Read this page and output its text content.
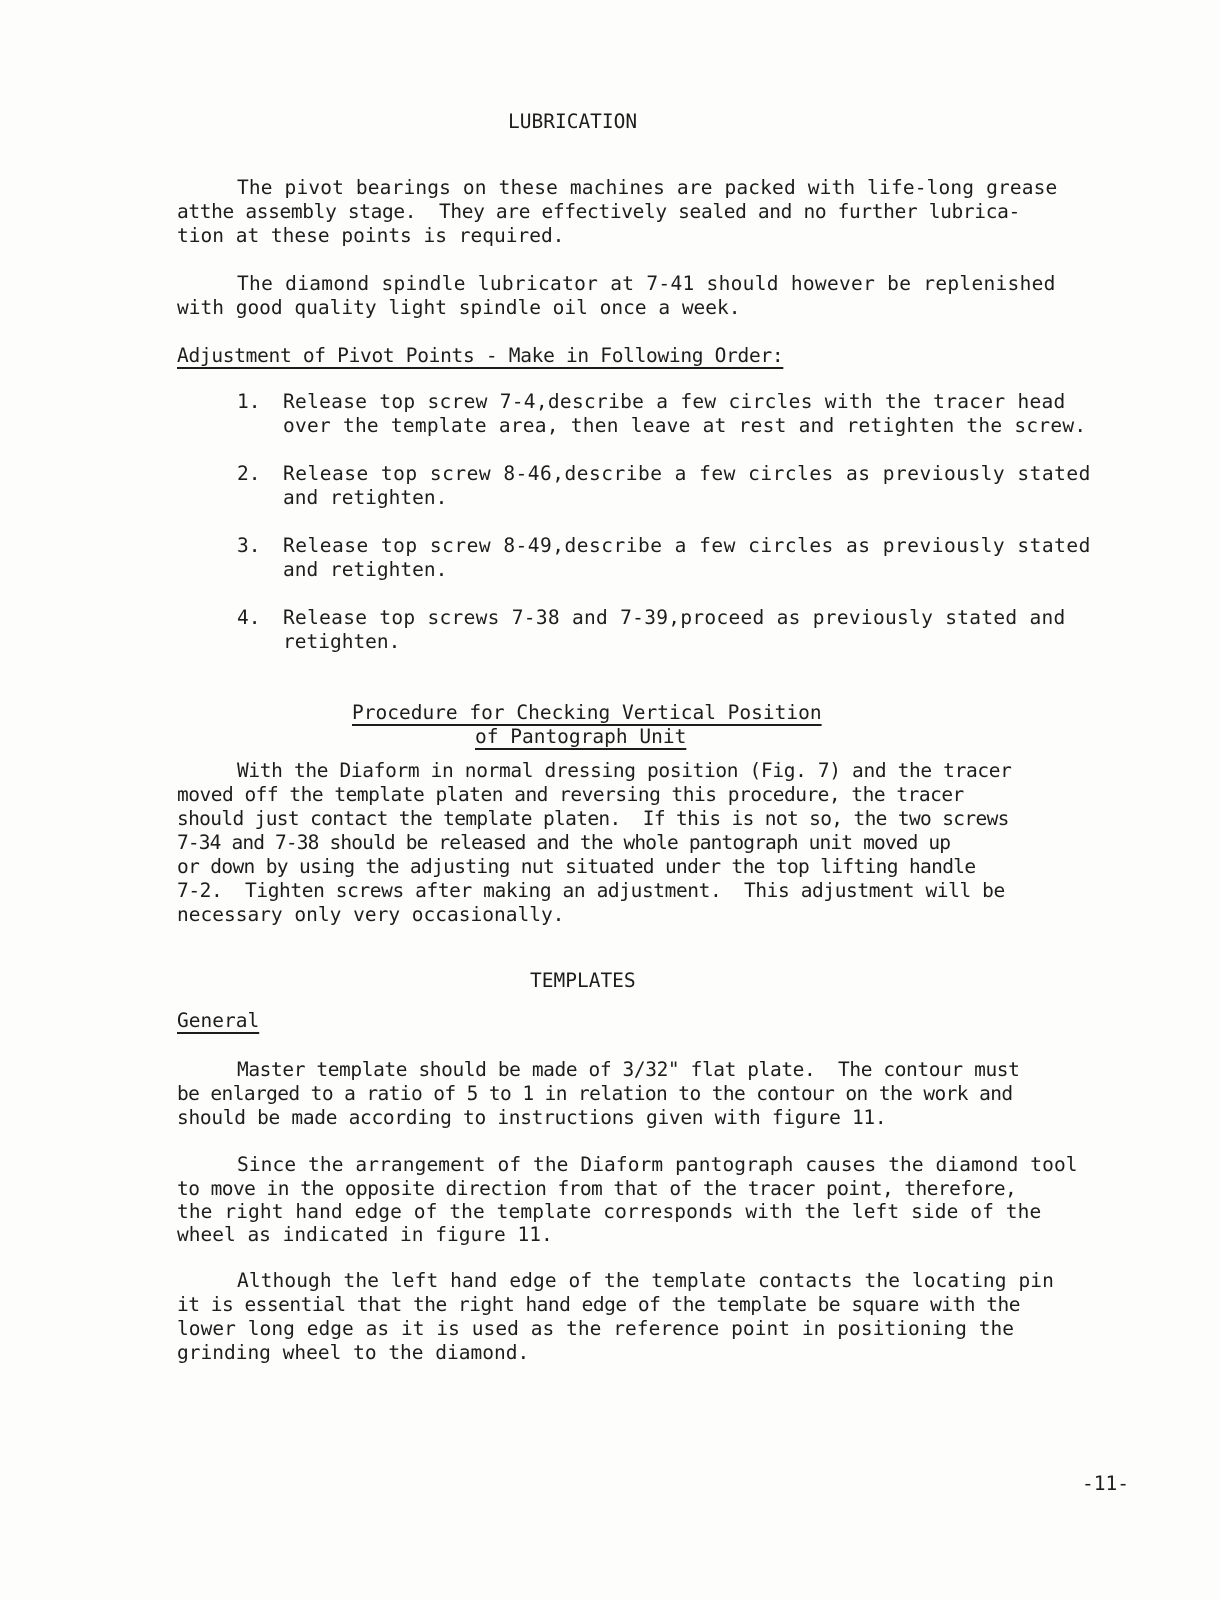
LUBRICATION
The pivot bearings on these machines are packed with life-long grease
atthe assembly stage.  They are effectively sealed and no further lubrica-
tion at these points is required.
The diamond spindle lubricator at 7-41 should however be replenished
with good quality light spindle oil once a week.
Adjustment of Pivot Points - Make in Following Order:
1. Release top screw 7-4,describe a few circles with the tracer head
over the template area, then leave at rest and retighten the screw.
2. Release top screw 8-46,describe a few circles as previously stated
and retighten.
3. Release top screw 8-49,describe a few circles as previously stated
and retighten.
4. Release top screws 7-38 and 7-39,proceed as previously stated and
retighten.
Procedure for Checking Vertical Position
of Pantograph Unit
With the Diaform in normal dressing position (Fig. 7) and the tracer
moved off the template platen and reversing this procedure, the tracer
should just contact the template platen.  If this is not so, the two screws
7-34 and 7-38 should be released and the whole pantograph unit moved up
or down by using the adjusting nut situated under the top lifting handle
7-2.  Tighten screws after making an adjustment.  This adjustment will be
necessary only very occasionally.
TEMPLATES
General
Master template should be made of 3/32" flat plate.  The contour must
be enlarged to a ratio of 5 to 1 in relation to the contour on the work and
should be made according to instructions given with figure 11.
Since the arrangement of the Diaform pantograph causes the diamond tool
to move in the opposite direction from that of the tracer point, therefore,
the right hand edge of the template corresponds with the left side of the
wheel as indicated in figure 11.
Although the left hand edge of the template contacts the locating pin
it is essential that the right hand edge of the template be square with the
lower long edge as it is used as the reference point in positioning the
grinding wheel to the diamond.
-11-
